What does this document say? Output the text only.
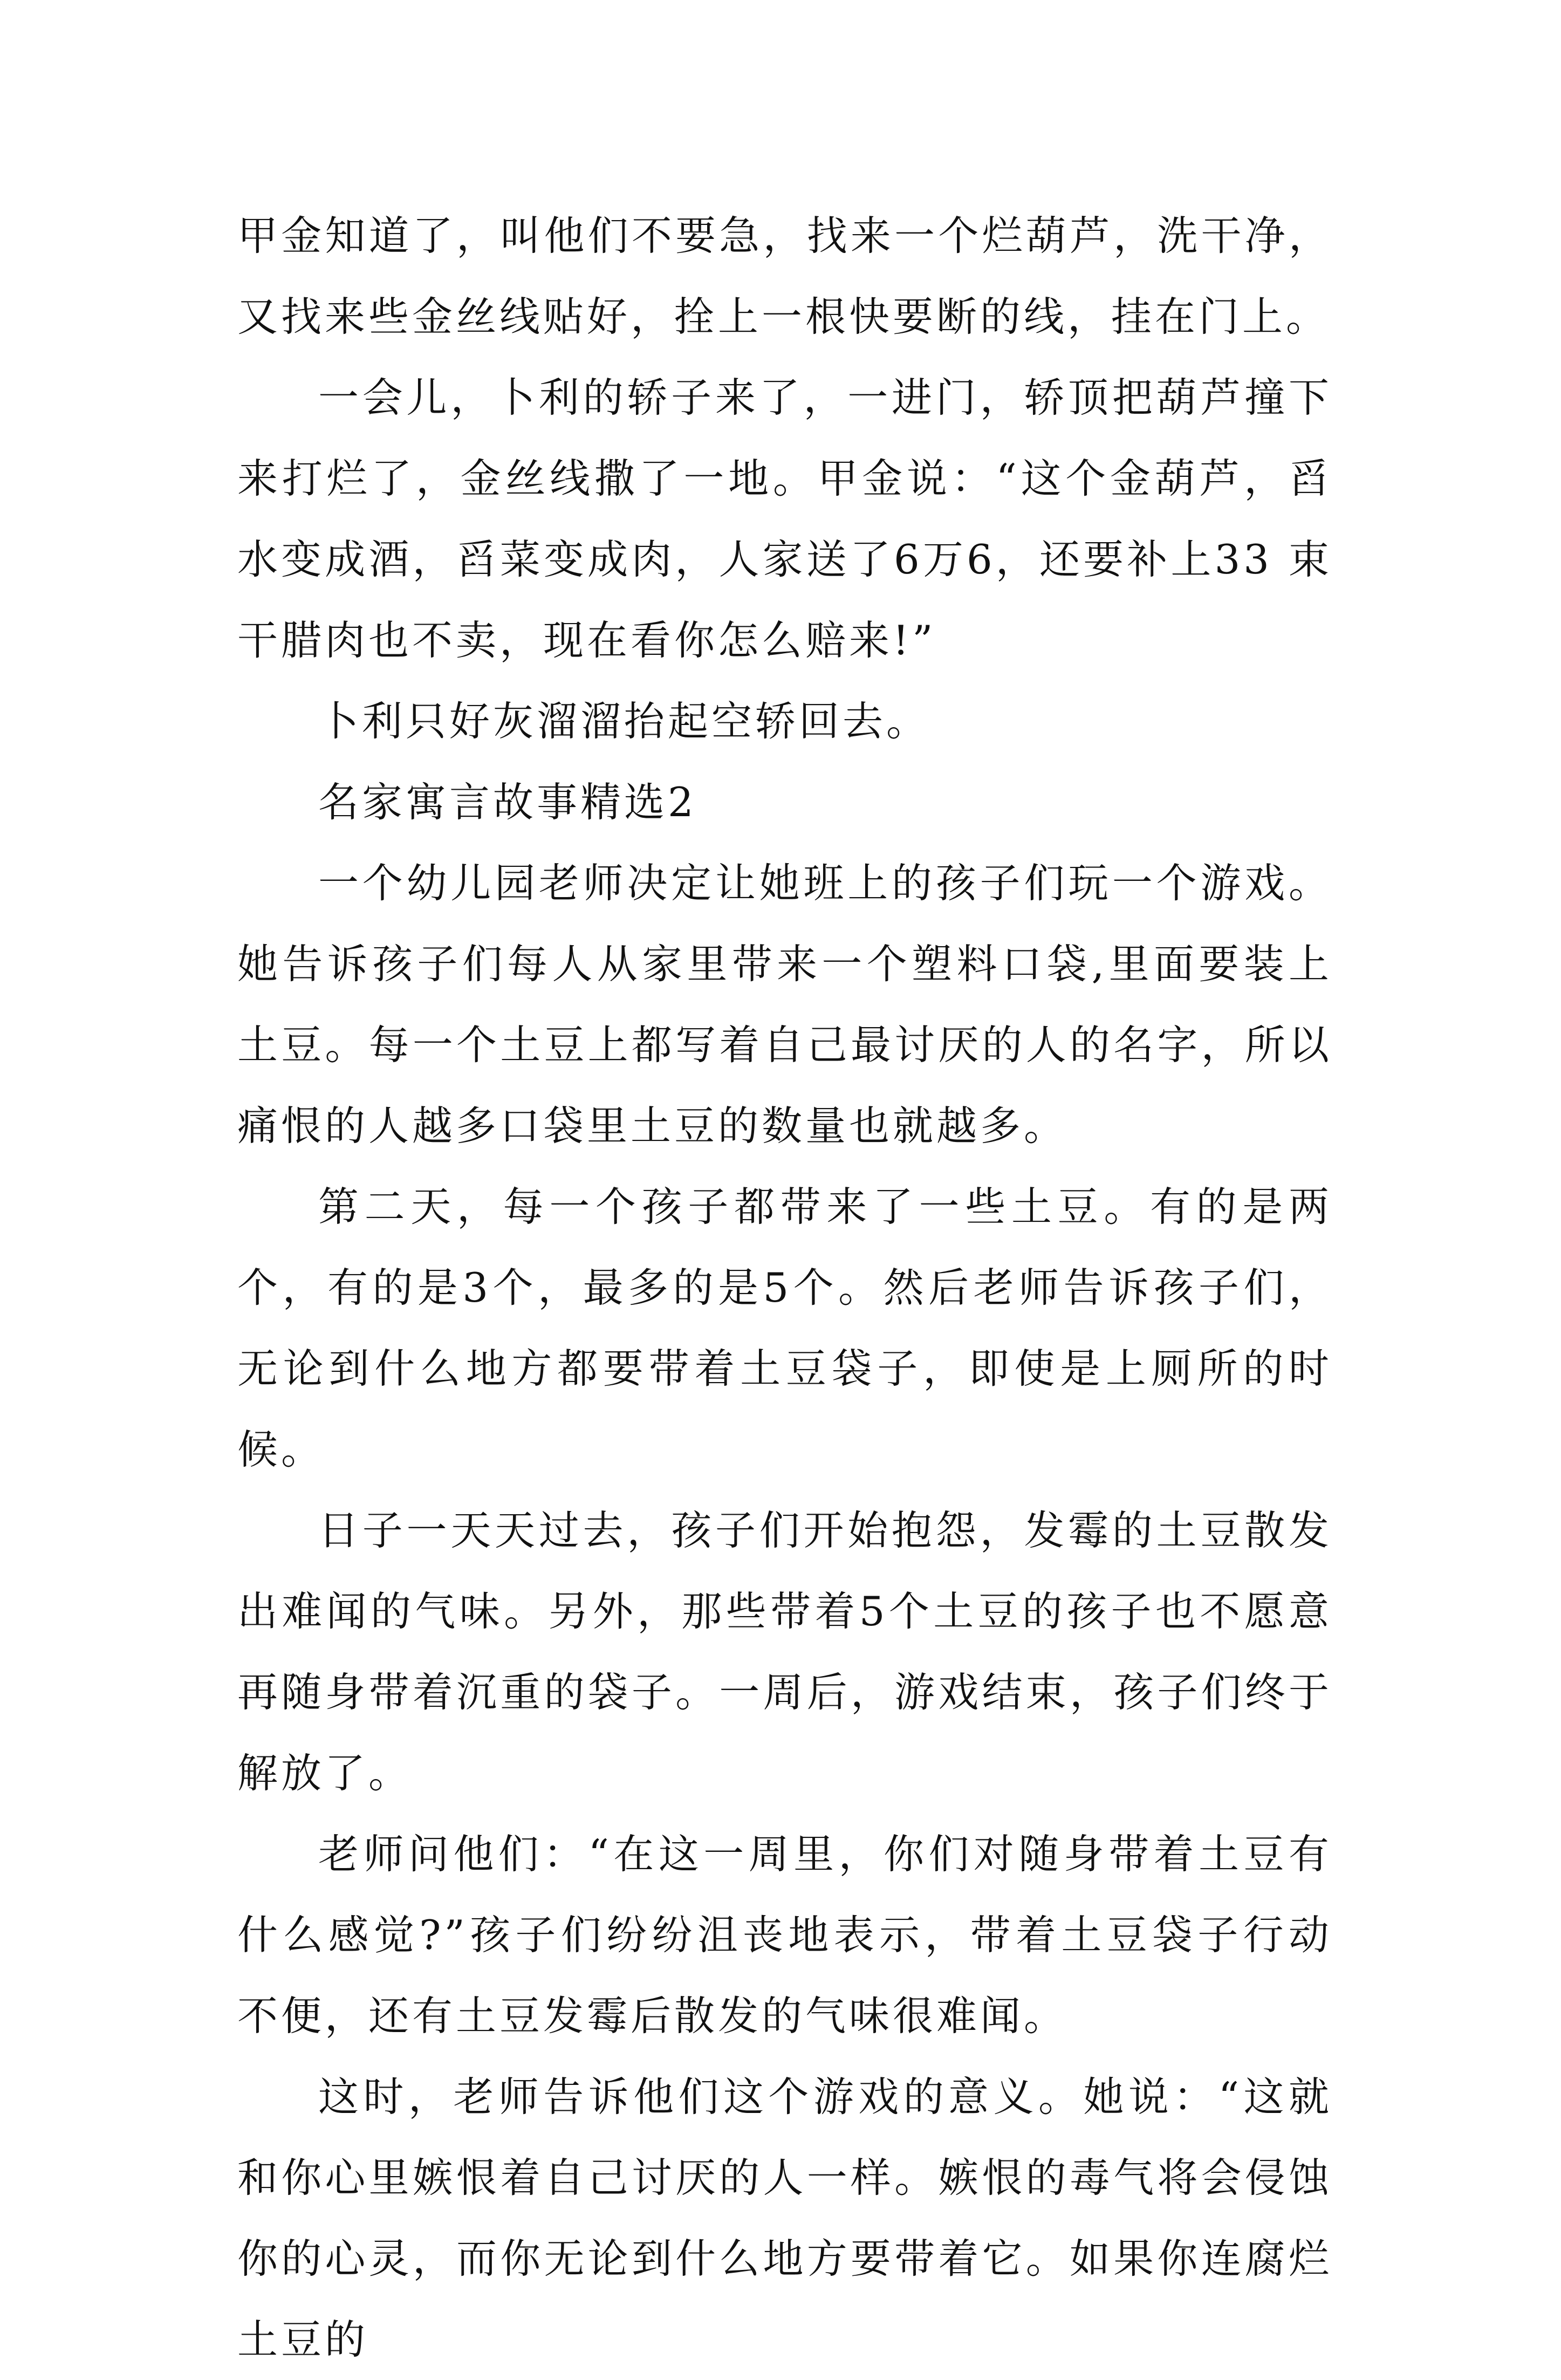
甲金知道了，叫他们不要急，找来一个烂葫芦，洗干净，又找来些金丝线贴好，拴上一根快要断的线，挂在门上。

一会儿，卜利的轿子来了，一进门，轿顶把葫芦撞下来打烂了，金丝线撒了一地。甲金说：“这个金葫芦，舀水变成酒，舀菜变成肉，人家送了6万6，还要补上33 束干腊肉也不卖，现在看你怎么赔来!”

卜利只好灰溜溜抬起空轿回去。

名家寓言故事精选2

一个幼儿园老师决定让她班上的孩子们玩一个游戏。她告诉孩子们每人从家里带来一个塑料口袋,里面要装上土豆。每一个土豆上都写着自己最讨厌的人的名字，所以痛恨的人越多口袋里土豆的数量也就越多。

第二天，每一个孩子都带来了一些土豆。有的是两个，有的是3个，最多的是5个。然后老师告诉孩子们，无论到什么地方都要带着土豆袋子，即使是上厕所的时候。

日子一天天过去，孩子们开始抱怨，发霉的土豆散发出难闻的气味。另外，那些带着5个土豆的孩子也不愿意再随身带着沉重的袋子。一周后，游戏结束，孩子们终于解放了。

老师问他们：“在这一周里，你们对随身带着土豆有什么感觉?”孩子们纷纷沮丧地表示，带着土豆袋子行动不便，还有土豆发霉后散发的气味很难闻。

这时，老师告诉他们这个游戏的意义。她说：“这就和你心里嫉恨着自己讨厌的人一样。嫉恨的毒气将会侵蚀你的心灵，而你无论到什么地方要带着它。如果你连腐烂土豆的
